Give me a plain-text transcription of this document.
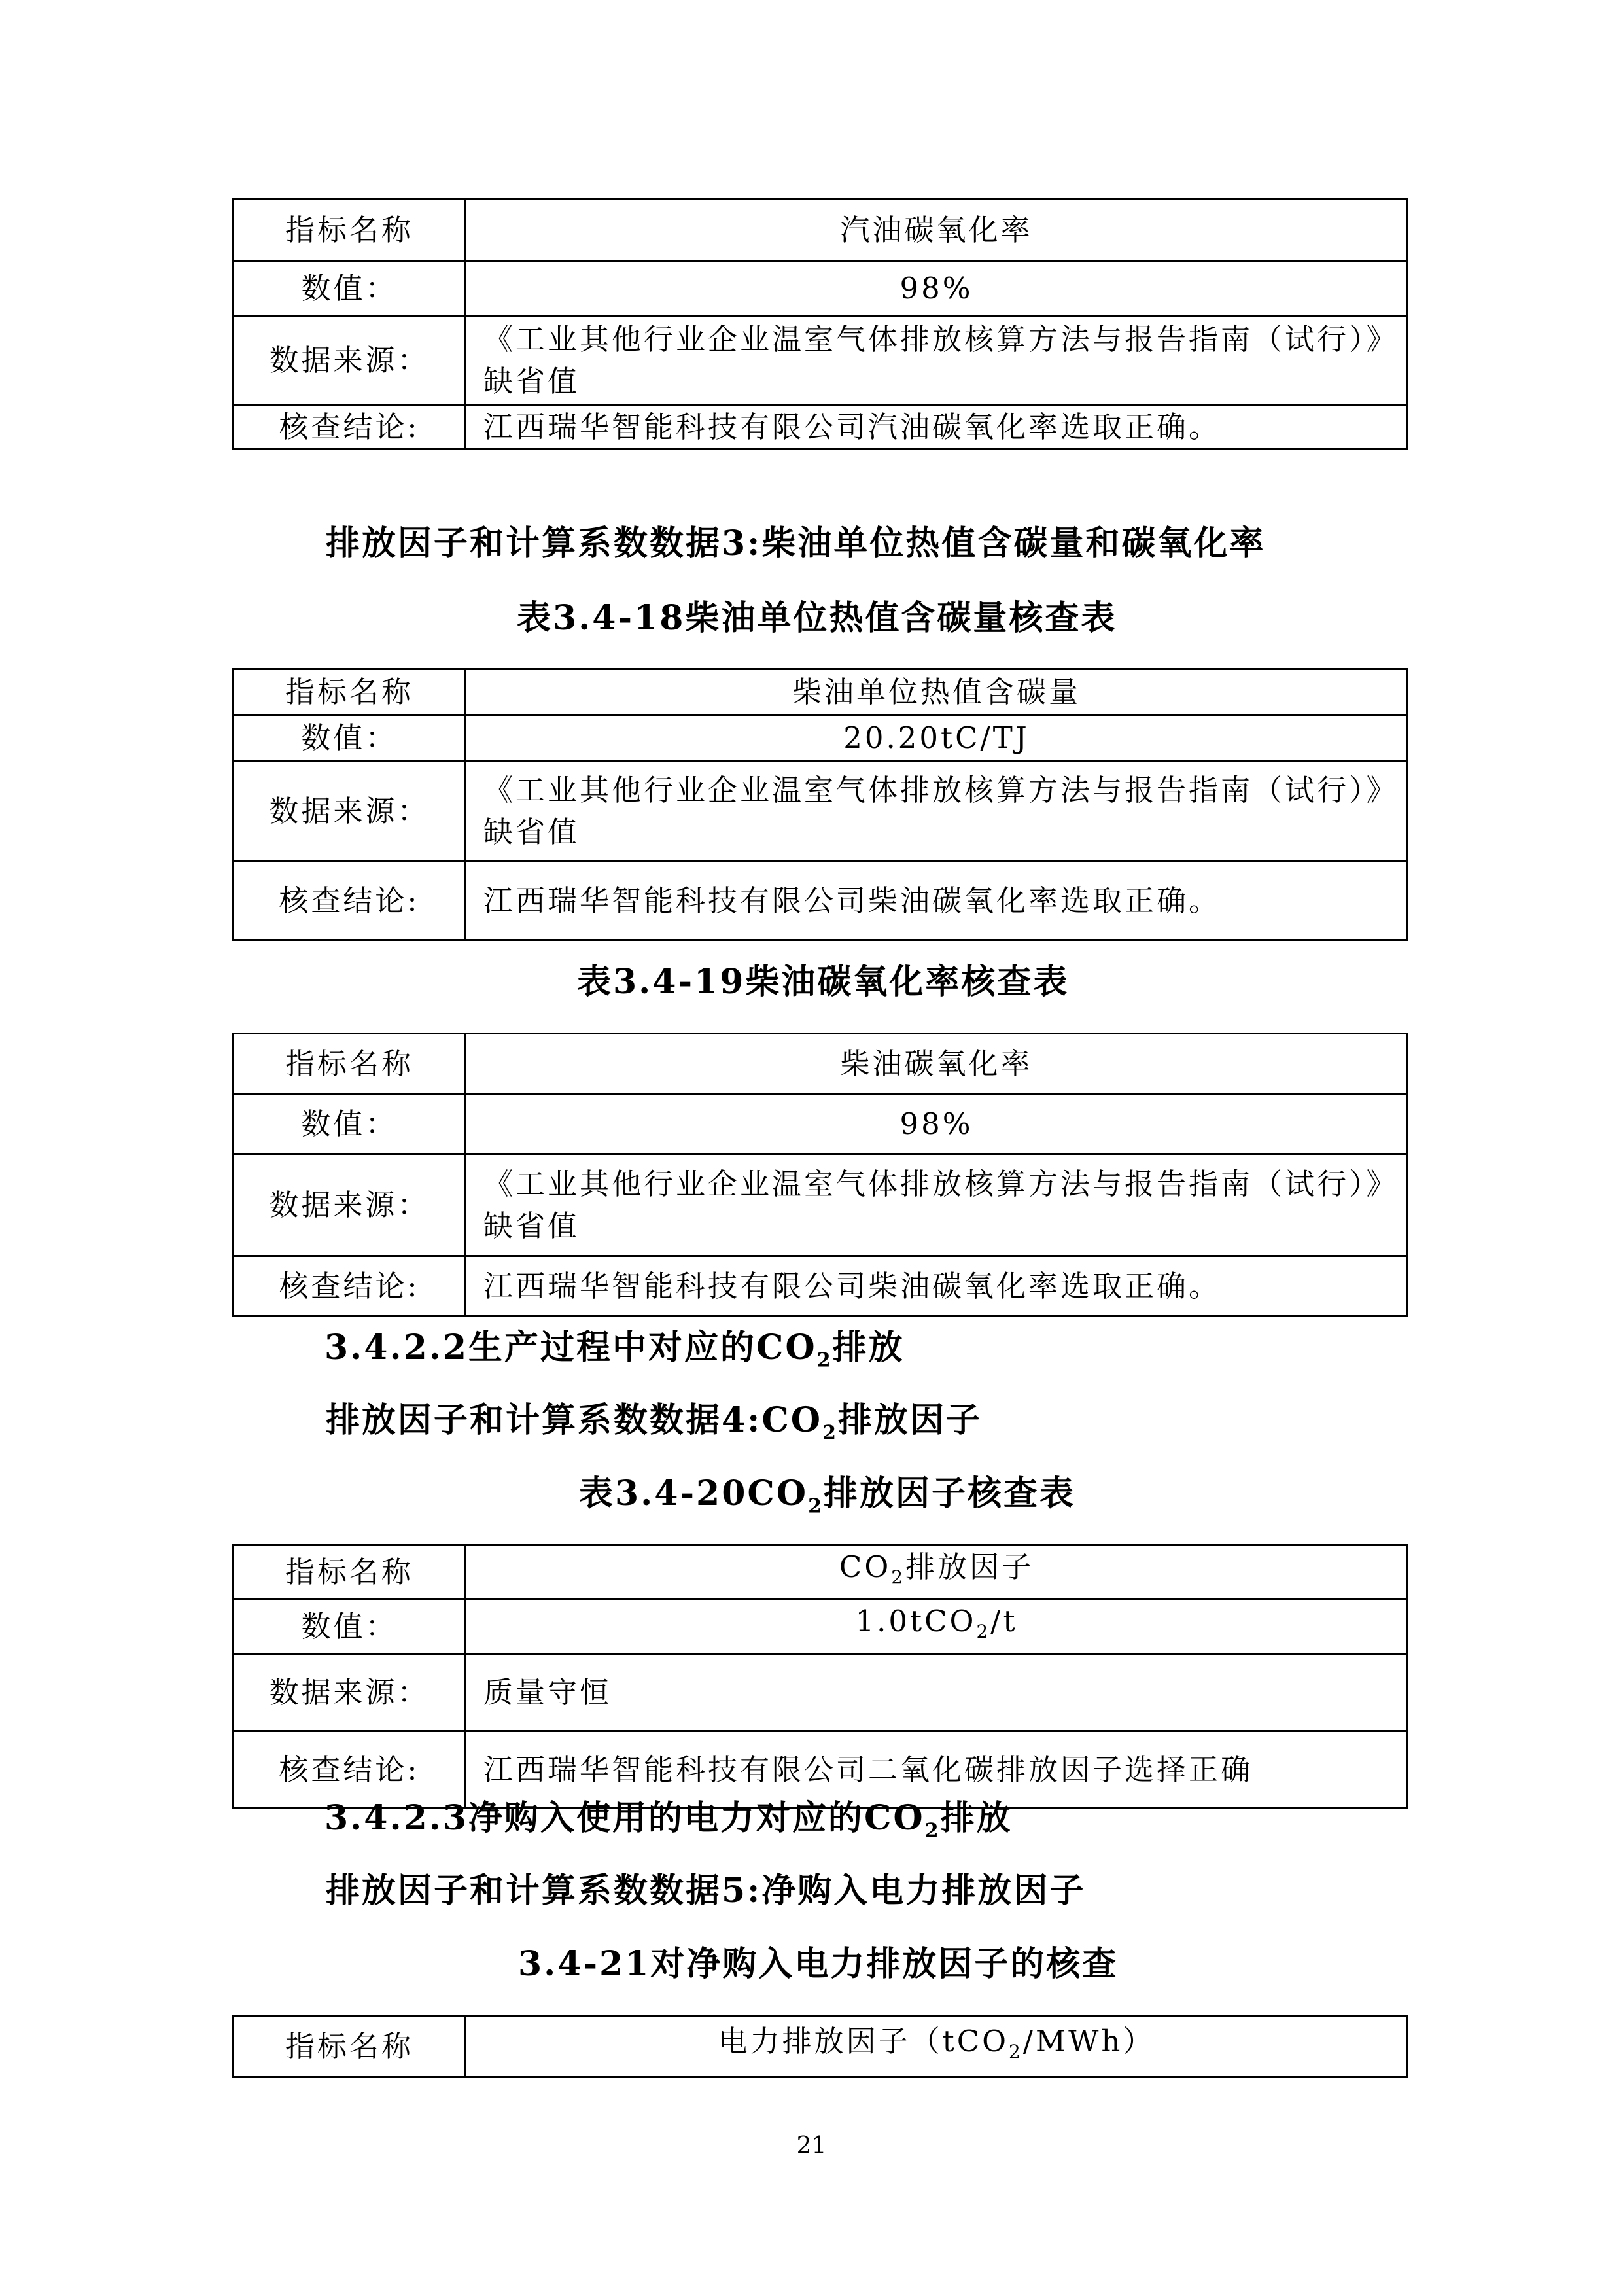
指标名称	汽油碳氧化率
数值：	98%
数据来源：	《工业其他行业企业温室气体排放核算方法与报告指南（试行）》缺省值
核查结论:	江西瑞华智能科技有限公司汽油碳氧化率选取正确。
排放因子和计算系数数据3:柴油单位热值含碳量和碳氧化率
表3.4-18柴油单位热值含碳量核查表
指标名称	柴油单位热值含碳量
数值：	20.20tC/TJ
数据来源：	《工业其他行业企业温室气体排放核算方法与报告指南（试行）》缺省值
核查结论:	江西瑞华智能科技有限公司柴油碳氧化率选取正确。
表3.4-19柴油碳氧化率核查表
指标名称	柴油碳氧化率
数值：	98%
数据来源：	《工业其他行业企业温室气体排放核算方法与报告指南（试行）》缺省值
核查结论:	江西瑞华智能科技有限公司柴油碳氧化率选取正确。
3.4.2.2生产过程中对应的$CO_2$排放
排放因子和计算系数数据$4:CO_2$排放因子
表$3.4-20CO_2$排放因子核查表
指标名称	$CO_2$排放因子
数值：	1.0tCO$_2$/t
数据来源：	质量守恒
核查结论:	江西瑞华智能科技有限公司二氧化碳排放因子选择正确
3.4.2.3净购入使用的电力对应的$CO_2$排放
排放因子和计算系数数据5:净购入电力排放因子
3.4-21对净购入电力排放因子的核查
指标名称	电力排放因子（tCO$_2$/MWh）
21
